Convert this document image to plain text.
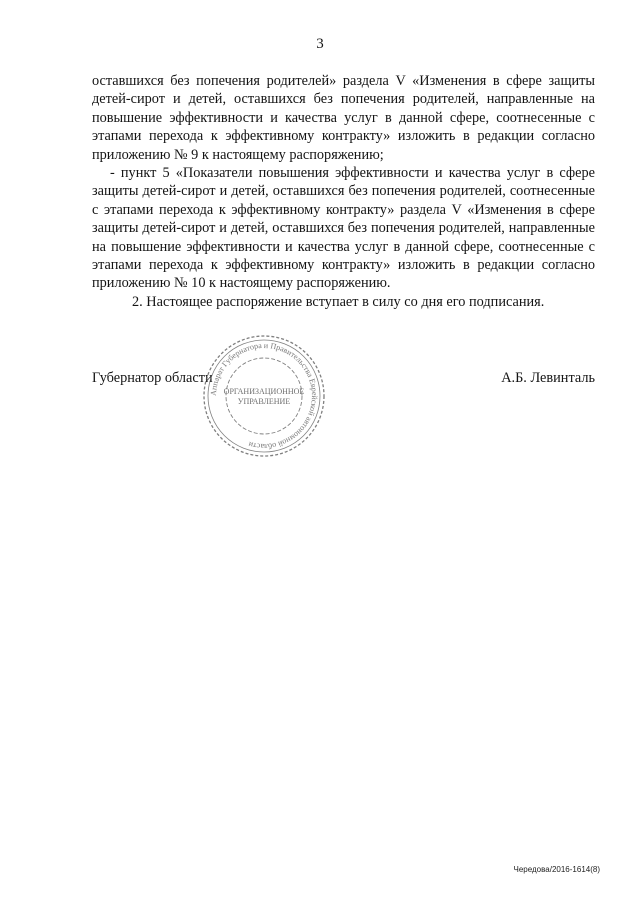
3

оставшихся без попечения родителей» раздела V «Изменения в сфере защиты детей-сирот и детей, оставшихся без попечения родителей, направленные на повышение эффективности и качества услуг в данной сфере, соотнесенные с этапами перехода к эффективному контракту» изложить в редакции согласно приложению № 9 к настоящему распоряжению;

- пункт 5 «Показатели повышения эффективности и качества услуг в сфере защиты детей-сирот и детей, оставшихся без попечения родителей, соотнесенные с этапами перехода к эффективному контракту» раздела V «Изменения в сфере защиты детей-сирот и детей, оставшихся без попечения родителей, направленные на повышение эффективности и качества услуг в данной сфере, соотнесенные с этапами перехода к эффективному контракту» изложить в редакции согласно приложению № 10 к настоящему распоряжению.

2. Настоящее распоряжение вступает в силу со дня его подписания.

Губернатор области	А.Б. Левинталь
Аппарат Губернатора и Правительства Еврейской автономной области
ОРГАНИЗАЦИОННОЕ
УПРАВЛЕНИЕ
Чередова/2016-1614(8)
